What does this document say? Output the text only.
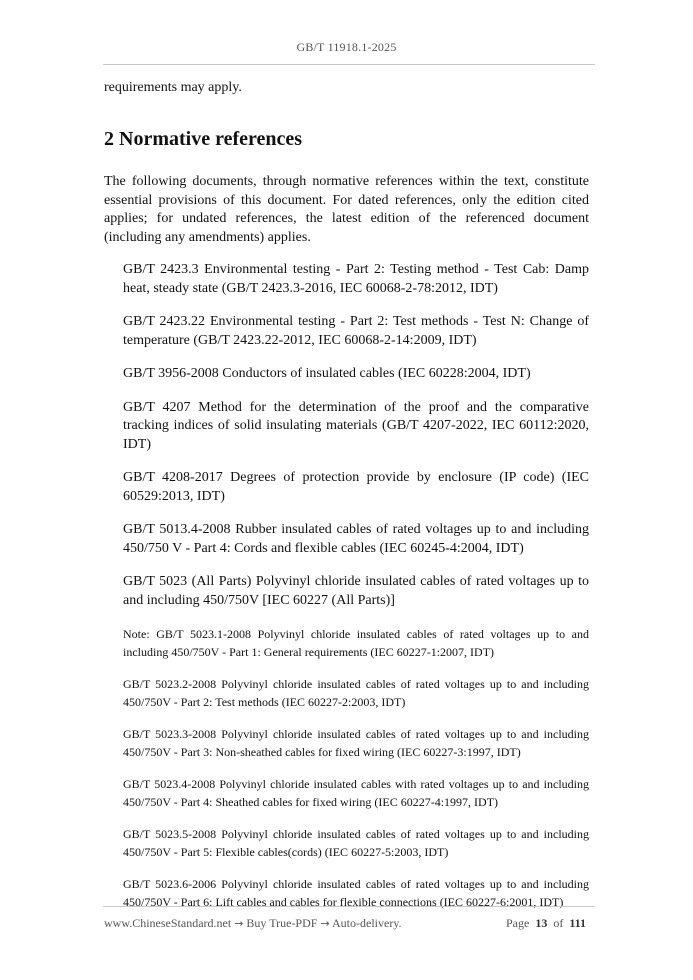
GB/T 11918.1-2025

requirements may apply.

2 Normative references

The following documents, through normative references within the text, constitute essential provisions of this document. For dated references, only the edition cited applies; for undated references, the latest edition of the referenced document (including any amendments) applies.

GB/T 2423.3 Environmental testing - Part 2: Testing method - Test Cab: Damp heat, steady state (GB/T 2423.3-2016, IEC 60068-2-78:2012, IDT)

GB/T 2423.22 Environmental testing - Part 2: Test methods - Test N: Change of temperature (GB/T 2423.22-2012, IEC 60068-2-14:2009, IDT)

GB/T 3956-2008 Conductors of insulated cables (IEC 60228:2004, IDT)

GB/T 4207 Method for the determination of the proof and the comparative tracking indices of solid insulating materials (GB/T 4207-2022, IEC 60112:2020, IDT)

GB/T 4208-2017 Degrees of protection provide by enclosure (IP code) (IEC 60529:2013, IDT)

GB/T 5013.4-2008 Rubber insulated cables of rated voltages up to and including 450/750 V - Part 4: Cords and flexible cables (IEC 60245-4:2004, IDT)

GB/T 5023 (All Parts) Polyvinyl chloride insulated cables of rated voltages up to and including 450/750V [IEC 60227 (All Parts)]

Note: GB/T 5023.1-2008 Polyvinyl chloride insulated cables of rated voltages up to and including 450/750V - Part 1: General requirements (IEC 60227-1:2007, IDT)

GB/T 5023.2-2008 Polyvinyl chloride insulated cables of rated voltages up to and including 450/750V - Part 2: Test methods (IEC 60227-2:2003, IDT)

GB/T 5023.3-2008 Polyvinyl chloride insulated cables of rated voltages up to and including 450/750V - Part 3: Non-sheathed cables for fixed wiring (IEC 60227-3:1997, IDT)

GB/T 5023.4-2008 Polyvinyl chloride insulated cables with rated voltages up to and including 450/750V - Part 4: Sheathed cables for fixed wiring (IEC 60227-4:1997, IDT)

GB/T 5023.5-2008 Polyvinyl chloride insulated cables of rated voltages up to and including 450/750V - Part 5: Flexible cables(cords) (IEC 60227-5:2003, IDT)

GB/T 5023.6-2006 Polyvinyl chloride insulated cables of rated voltages up to and including 450/750V - Part 6: Lift cables and cables for flexible connections (IEC 60227-6:2001, IDT)

www.ChineseStandard.net → Buy True-PDF → Auto-delivery.	Page 13 of 111
